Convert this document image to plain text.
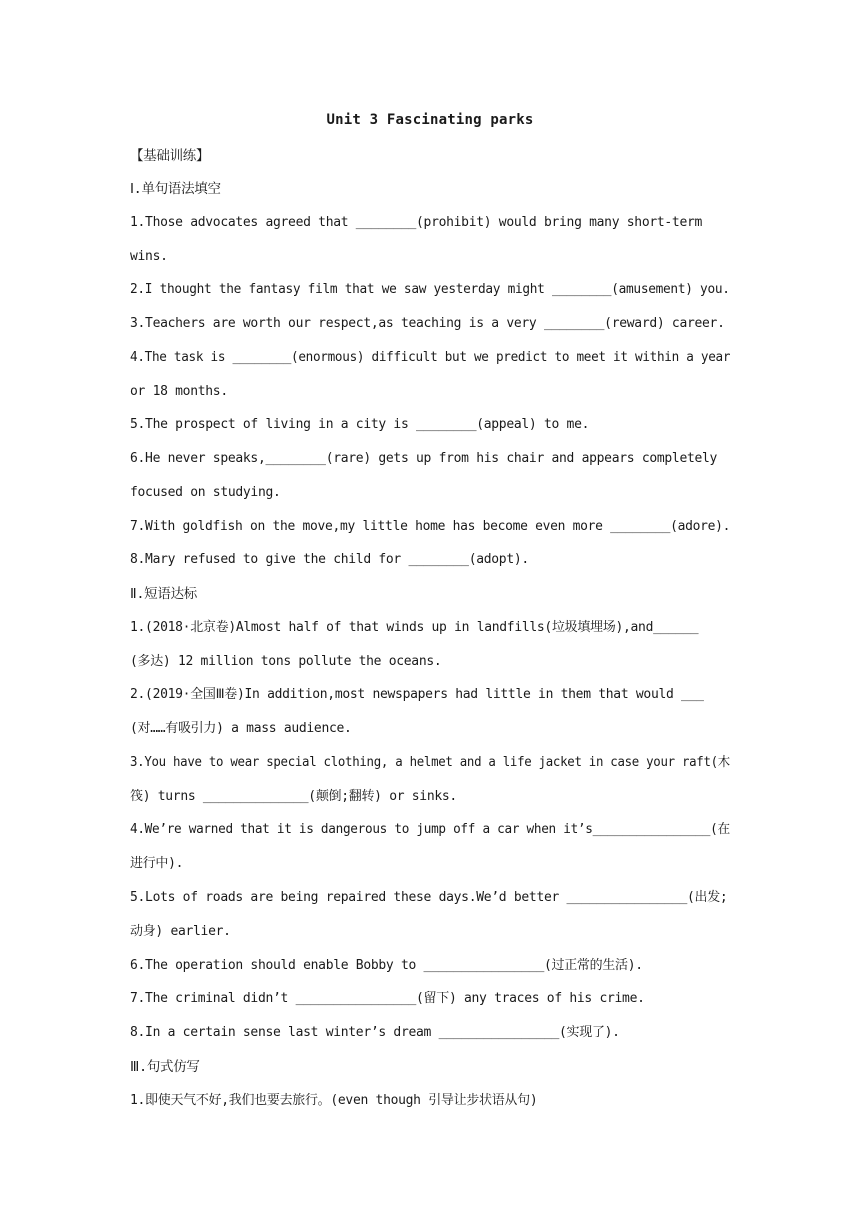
Unit 3 Fascinating parks
【基础训练】
Ⅰ.单句语法填空
1.Those advocates agreed that ________(prohibit) would bring many short-term
wins.
2.I thought the fantasy film that we saw yesterday might ________(amusement) you.
3.Teachers are worth our respect,as teaching is a very ________(reward) career.
4.The task is ________(enormous) difficult but we predict to meet it within a year
or 18 months.
5.The prospect of living in a city is ________(appeal) to me.
6.He never speaks,________(rare) gets up from his chair and appears completely
focused on studying.
7.With goldfish on the move,my little home has become even more ________(adore).
8.Mary refused to give the child for ________(adopt).
Ⅱ.短语达标
1.(2018·北京卷)Almost half of that winds up in landfills(垃圾填埋场),and______
(多达) 12 million tons pollute the oceans.
2.(2019·全国Ⅲ卷)In addition,most newspapers had little in them that would ___
(对……有吸引力) a mass audience.
3.You have to wear special clothing, a helmet and a life jacket in case your raft(木
筏) turns ______________(颠倒;翻转) or sinks.
4.We’re warned that it is dangerous to jump off a car when it’s________________(在
进行中).
5.Lots of roads are being repaired these days.We’d better ________________(出发;
动身) earlier.
6.The operation should enable Bobby to ________________(过正常的生活).
7.The criminal didn’t ________________(留下) any traces of his crime.
8.In a certain sense last winter’s dream ________________(实现了).
Ⅲ.句式仿写
1.即使天气不好,我们也要去旅行。(even though 引导让步状语从句)
